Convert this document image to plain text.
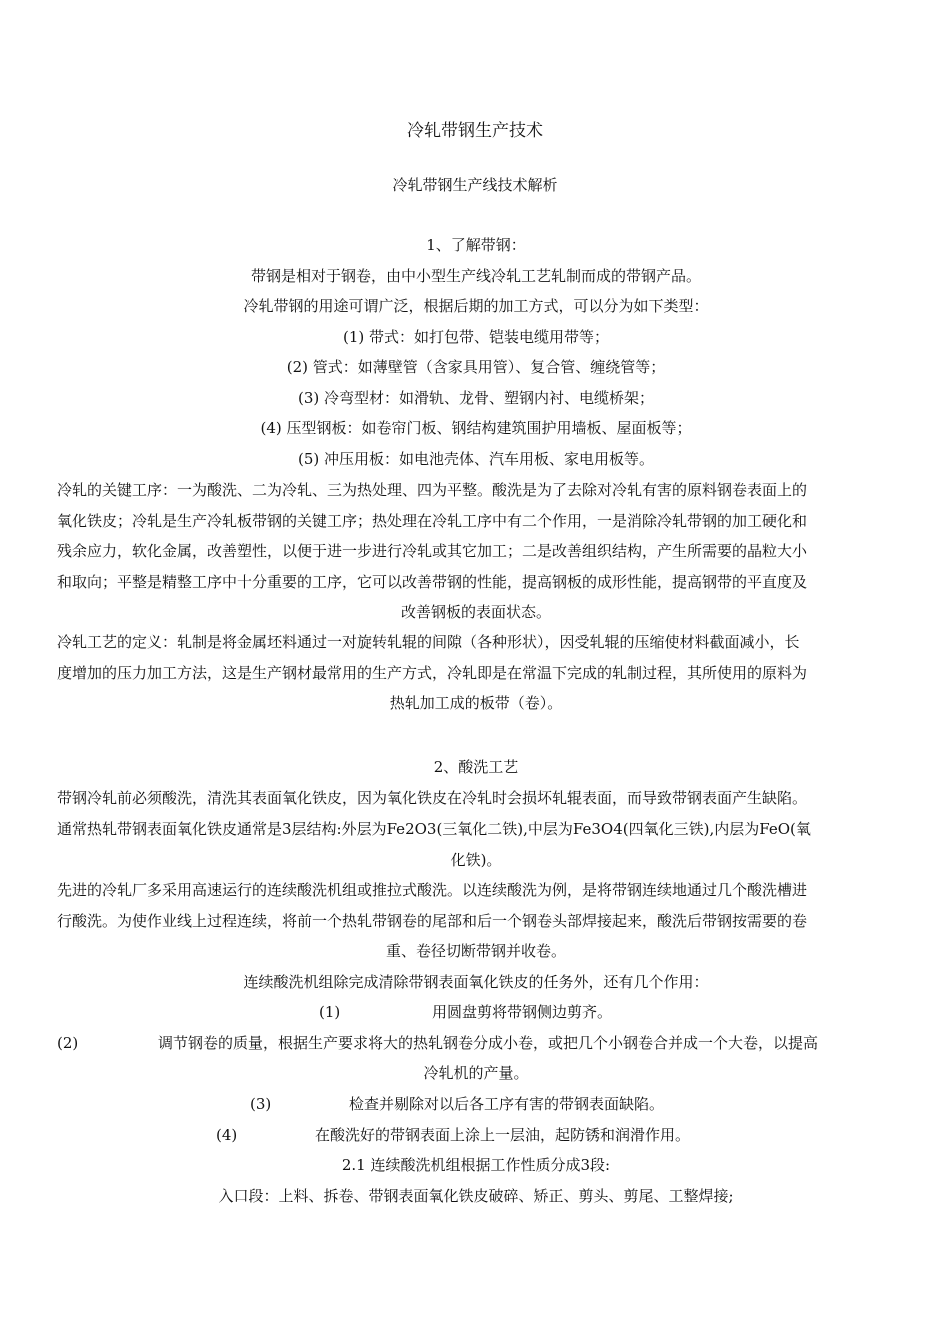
冷轧带钢生产技术
冷轧带钢生产线技术解析
1、了解带钢：
带钢是相对于钢卷，由中小型生产线冷轧工艺轧制而成的带钢产品。
冷轧带钢的用途可谓广泛，根据后期的加工方式，可以分为如下类型：
(1) 带式：如打包带、铠装电缆用带等；
(2) 管式：如薄壁管（含家具用管）、复合管、缠绕管等；
(3) 冷弯型材：如滑轨、龙骨、塑钢内衬、电缆桥架；
(4) 压型钢板：如卷帘门板、钢结构建筑围护用墙板、屋面板等；
(5) 冲压用板：如电池壳体、汽车用板、家电用板等。
冷轧的关键工序：一为酸洗、二为冷轧、三为热处理、四为平整。酸洗是为了去除对冷轧有害的原料钢卷表面上的
氧化铁皮；冷轧是生产冷轧板带钢的关键工序；热处理在冷轧工序中有二个作用，一是消除冷轧带钢的加工硬化和
残余应力，软化金属，改善塑性，以便于进一步进行冷轧或其它加工；二是改善组织结构，产生所需要的晶粒大小
和取向；平整是精整工序中十分重要的工序，它可以改善带钢的性能，提高钢板的成形性能，提高钢带的平直度及
改善钢板的表面状态。
冷轧工艺的定义：轧制是将金属坯料通过一对旋转轧辊的间隙（各种形状），因受轧辊的压缩使材料截面减小，长
度增加的压力加工方法，这是生产钢材最常用的生产方式，冷轧即是在常温下完成的轧制过程，其所使用的原料为
热轧加工成的板带（卷）。
2、酸洗工艺
带钢冷轧前必须酸洗，清洗其表面氧化铁皮，因为氧化铁皮在冷轧时会损坏轧辊表面，而导致带钢表面产生缺陷。
通常热轧带钢表面氧化铁皮通常是3层结构:外层为Fe2O3(三氧化二铁),中层为Fe3O4(四氧化三铁),内层为FeO(氧
化铁)。
先进的冷轧厂多采用高速运行的连续酸洗机组或推拉式酸洗。以连续酸洗为例，是将带钢连续地通过几个酸洗槽进
行酸洗。为使作业线上过程连续，将前一个热轧带钢卷的尾部和后一个钢卷头部焊接起来，酸洗后带钢按需要的卷
重、卷径切断带钢并收卷。
连续酸洗机组除完成清除带钢表面氧化铁皮的任务外，还有几个作用：
(1)	用圆盘剪将带钢侧边剪齐。
(2)	调节钢卷的质量，根据生产要求将大的热轧钢卷分成小卷，或把几个小钢卷合并成一个大卷，以提高
冷轧机的产量。
(3)	检查并剔除对以后各工序有害的带钢表面缺陷。
(4)	在酸洗好的带钢表面上涂上一层油，起防锈和润滑作用。
2.1 连续酸洗机组根据工作性质分成3段:
入口段：上料、拆卷、带钢表面氧化铁皮破碎、矫正、剪头、剪尾、工整焊接;
